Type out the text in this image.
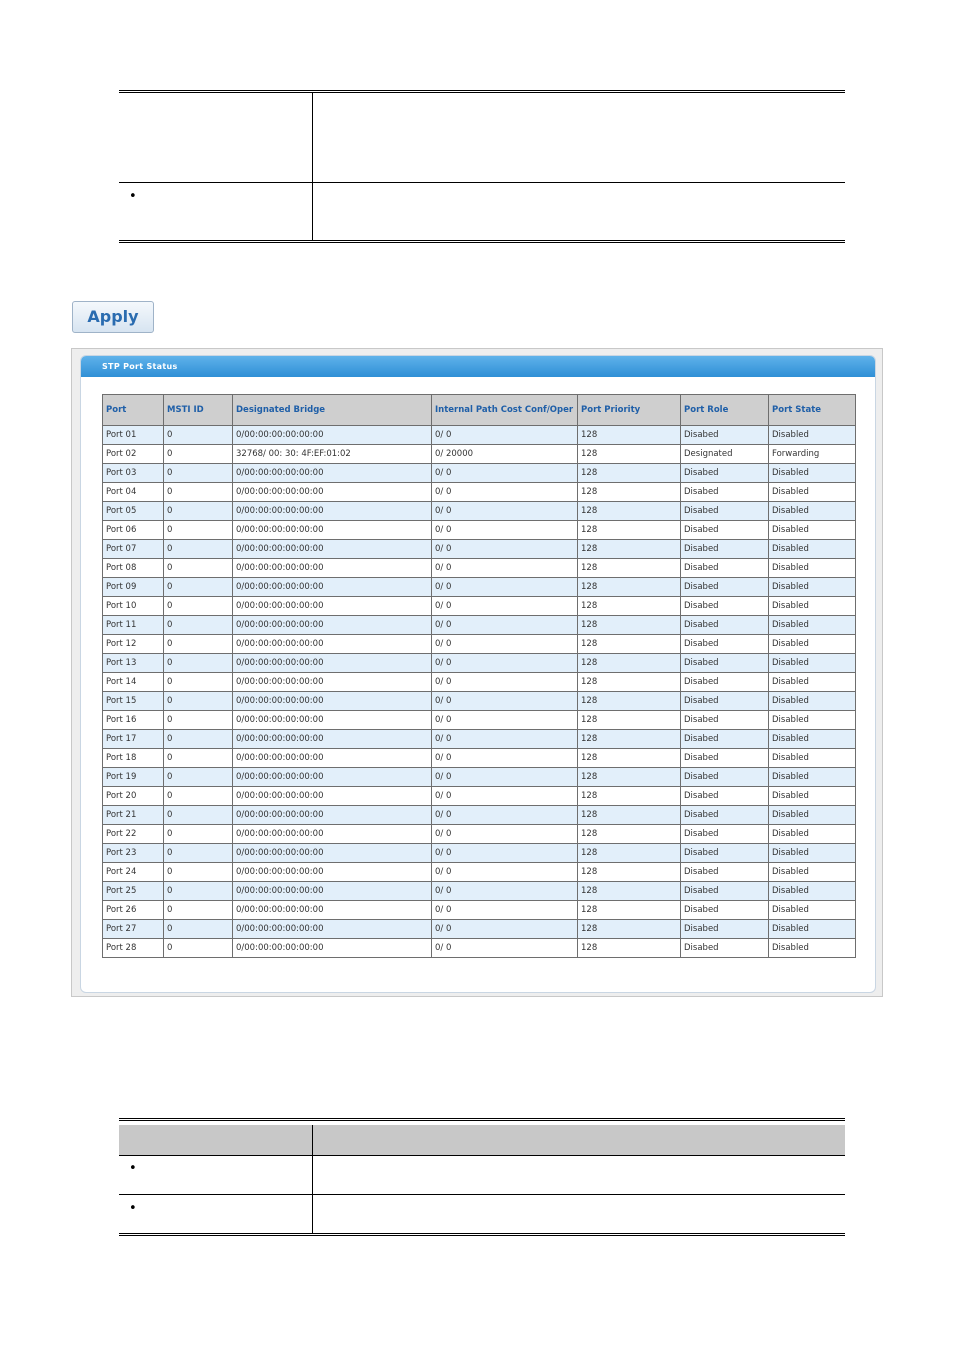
•
Apply
STP Port Status
Port	MSTI ID	Designated Bridge	Internal Path Cost Conf/Oper	Port Priority	Port Role	Port State
Port 01	0	0/00:00:00:00:00:00	0/ 0	128	Disabed	Disabled
Port 02	0	32768/ 00: 30: 4F:EF:01:02	0/ 20000	128	Designated	Forwarding
Port 03	0	0/00:00:00:00:00:00	0/ 0	128	Disabed	Disabled
Port 04	0	0/00:00:00:00:00:00	0/ 0	128	Disabed	Disabled
Port 05	0	0/00:00:00:00:00:00	0/ 0	128	Disabed	Disabled
Port 06	0	0/00:00:00:00:00:00	0/ 0	128	Disabed	Disabled
Port 07	0	0/00:00:00:00:00:00	0/ 0	128	Disabed	Disabled
Port 08	0	0/00:00:00:00:00:00	0/ 0	128	Disabed	Disabled
Port 09	0	0/00:00:00:00:00:00	0/ 0	128	Disabed	Disabled
Port 10	0	0/00:00:00:00:00:00	0/ 0	128	Disabed	Disabled
Port 11	0	0/00:00:00:00:00:00	0/ 0	128	Disabed	Disabled
Port 12	0	0/00:00:00:00:00:00	0/ 0	128	Disabed	Disabled
Port 13	0	0/00:00:00:00:00:00	0/ 0	128	Disabed	Disabled
Port 14	0	0/00:00:00:00:00:00	0/ 0	128	Disabed	Disabled
Port 15	0	0/00:00:00:00:00:00	0/ 0	128	Disabed	Disabled
Port 16	0	0/00:00:00:00:00:00	0/ 0	128	Disabed	Disabled
Port 17	0	0/00:00:00:00:00:00	0/ 0	128	Disabed	Disabled
Port 18	0	0/00:00:00:00:00:00	0/ 0	128	Disabed	Disabled
Port 19	0	0/00:00:00:00:00:00	0/ 0	128	Disabed	Disabled
Port 20	0	0/00:00:00:00:00:00	0/ 0	128	Disabed	Disabled
Port 21	0	0/00:00:00:00:00:00	0/ 0	128	Disabed	Disabled
Port 22	0	0/00:00:00:00:00:00	0/ 0	128	Disabed	Disabled
Port 23	0	0/00:00:00:00:00:00	0/ 0	128	Disabed	Disabled
Port 24	0	0/00:00:00:00:00:00	0/ 0	128	Disabed	Disabled
Port 25	0	0/00:00:00:00:00:00	0/ 0	128	Disabed	Disabled
Port 26	0	0/00:00:00:00:00:00	0/ 0	128	Disabed	Disabled
Port 27	0	0/00:00:00:00:00:00	0/ 0	128	Disabed	Disabled
Port 28	0	0/00:00:00:00:00:00	0/ 0	128	Disabed	Disabled
•
•
